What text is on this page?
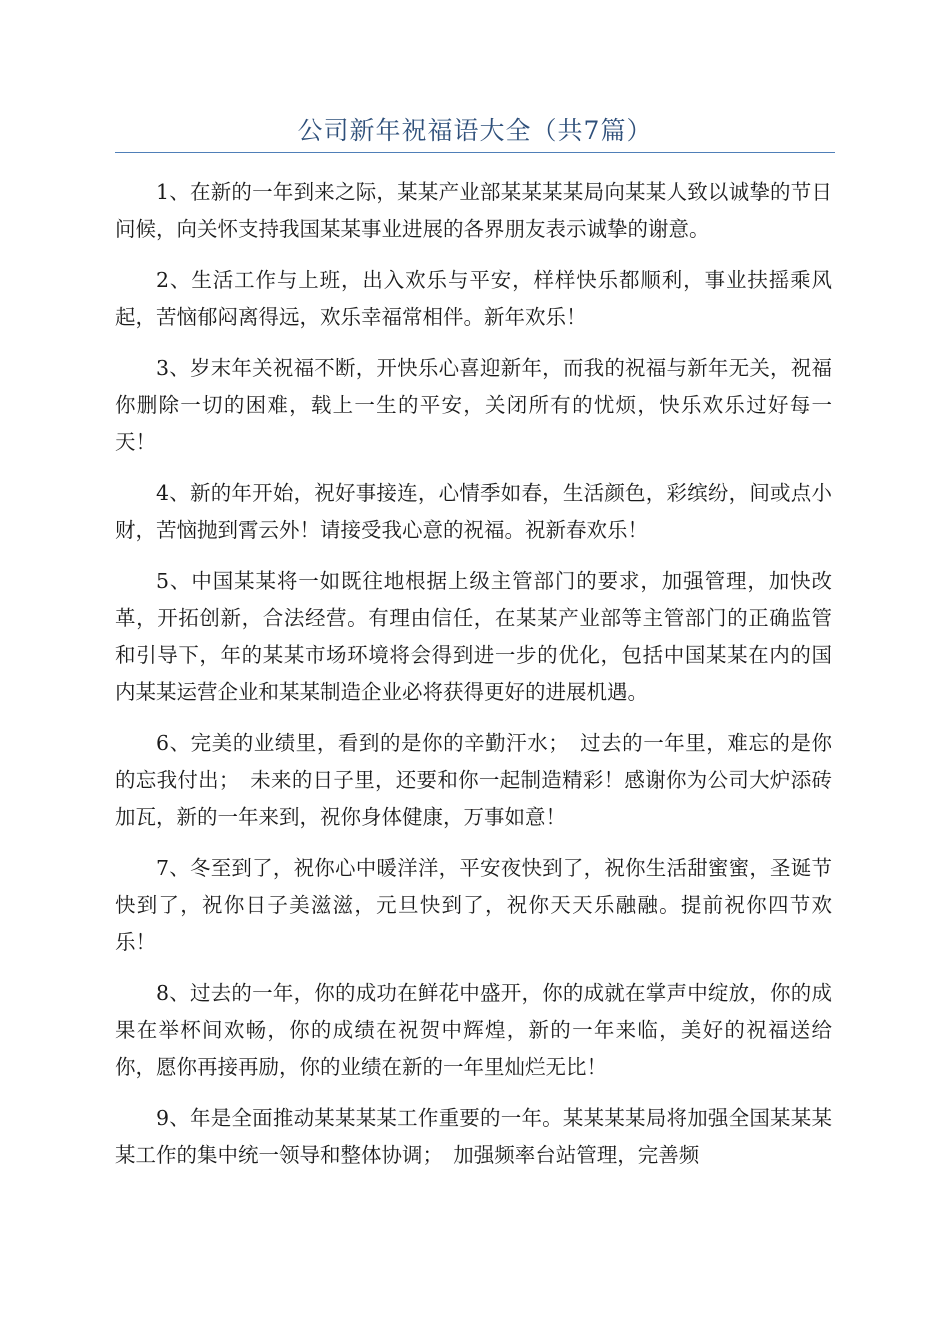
公司新年祝福语大全（共7篇）

1、在新的一年到来之际，某某产业部某某某某局向某某人致以诚挚的节日问候，向关怀支持我国某某事业进展的各界朋友表示诚挚的谢意。

2、生活工作与上班，出入欢乐与平安，样样快乐都顺利，事业扶摇乘风起，苦恼郁闷离得远，欢乐幸福常相伴。新年欢乐！

3、岁末年关祝福不断，开快乐心喜迎新年，而我的祝福与新年无关，祝福你删除一切的困难，载上一生的平安，关闭所有的忧烦，快乐欢乐过好每一天！

4、新的年开始，祝好事接连，心情季如春，生活颜色，彩缤纷，间或点小财，苦恼抛到霄云外！请接受我心意的祝福。祝新春欢乐！

5、中国某某将一如既往地根据上级主管部门的要求，加强管理，加快改革，开拓创新，合法经营。有理由信任，在某某产业部等主管部门的正确监管和引导下，年的某某市场环境将会得到进一步的优化，包括中国某某在内的国内某某运营企业和某某制造企业必将获得更好的进展机遇。

6、完美的业绩里，看到的是你的辛勤汗水；　过去的一年里，难忘的是你的忘我付出；　未来的日子里，还要和你一起制造精彩！感谢你为公司大炉添砖加瓦，新的一年来到，祝你身体健康，万事如意！

7、冬至到了，祝你心中暖洋洋，平安夜快到了，祝你生活甜蜜蜜，圣诞节快到了，祝你日子美滋滋，元旦快到了，祝你天天乐融融。提前祝你四节欢乐！

8、过去的一年，你的成功在鲜花中盛开，你的成就在掌声中绽放，你的成果在举杯间欢畅，你的成绩在祝贺中辉煌，新的一年来临，美好的祝福送给你，愿你再接再励，你的业绩在新的一年里灿烂无比！

9、年是全面推动某某某某工作重要的一年。某某某某局将加强全国某某某某工作的集中统一领导和整体协调；　加强频率台站管理，完善频
